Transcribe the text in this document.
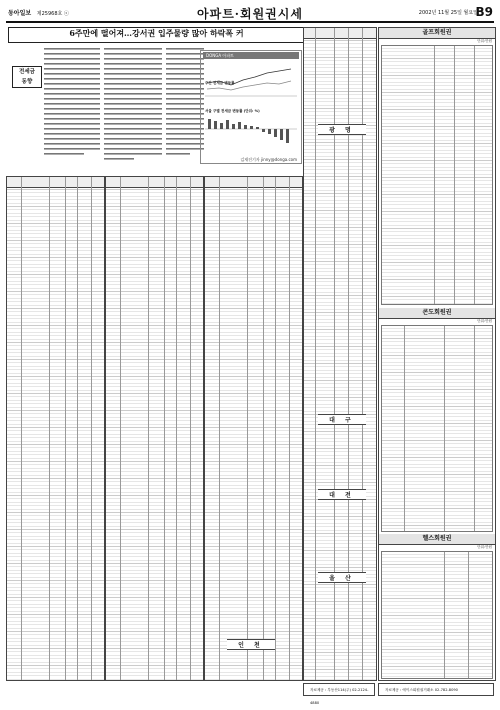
동아일보 제25968호 ⓢ	아파트·회원권시세	2002년 11월 25일 월요일
B9
6주만에 떨어져…강서권 입주물량 많아 하락폭 커
전세금
동향
김재진기자 jinny@donga.com
DONGA 아파트
주간 전세금 변동률
서울 구별 전세금 변동률 (단위: %)
인 천
광 명
대 구
대 전
울 산
골프회원권
단위:만원
콘도회원권
단위:만원
헬스회원권
단위:만원
자료제공 : 부동산114(주) 02-2124-4880
자료제공 : 에이스회원권거래소 02-782-8090
